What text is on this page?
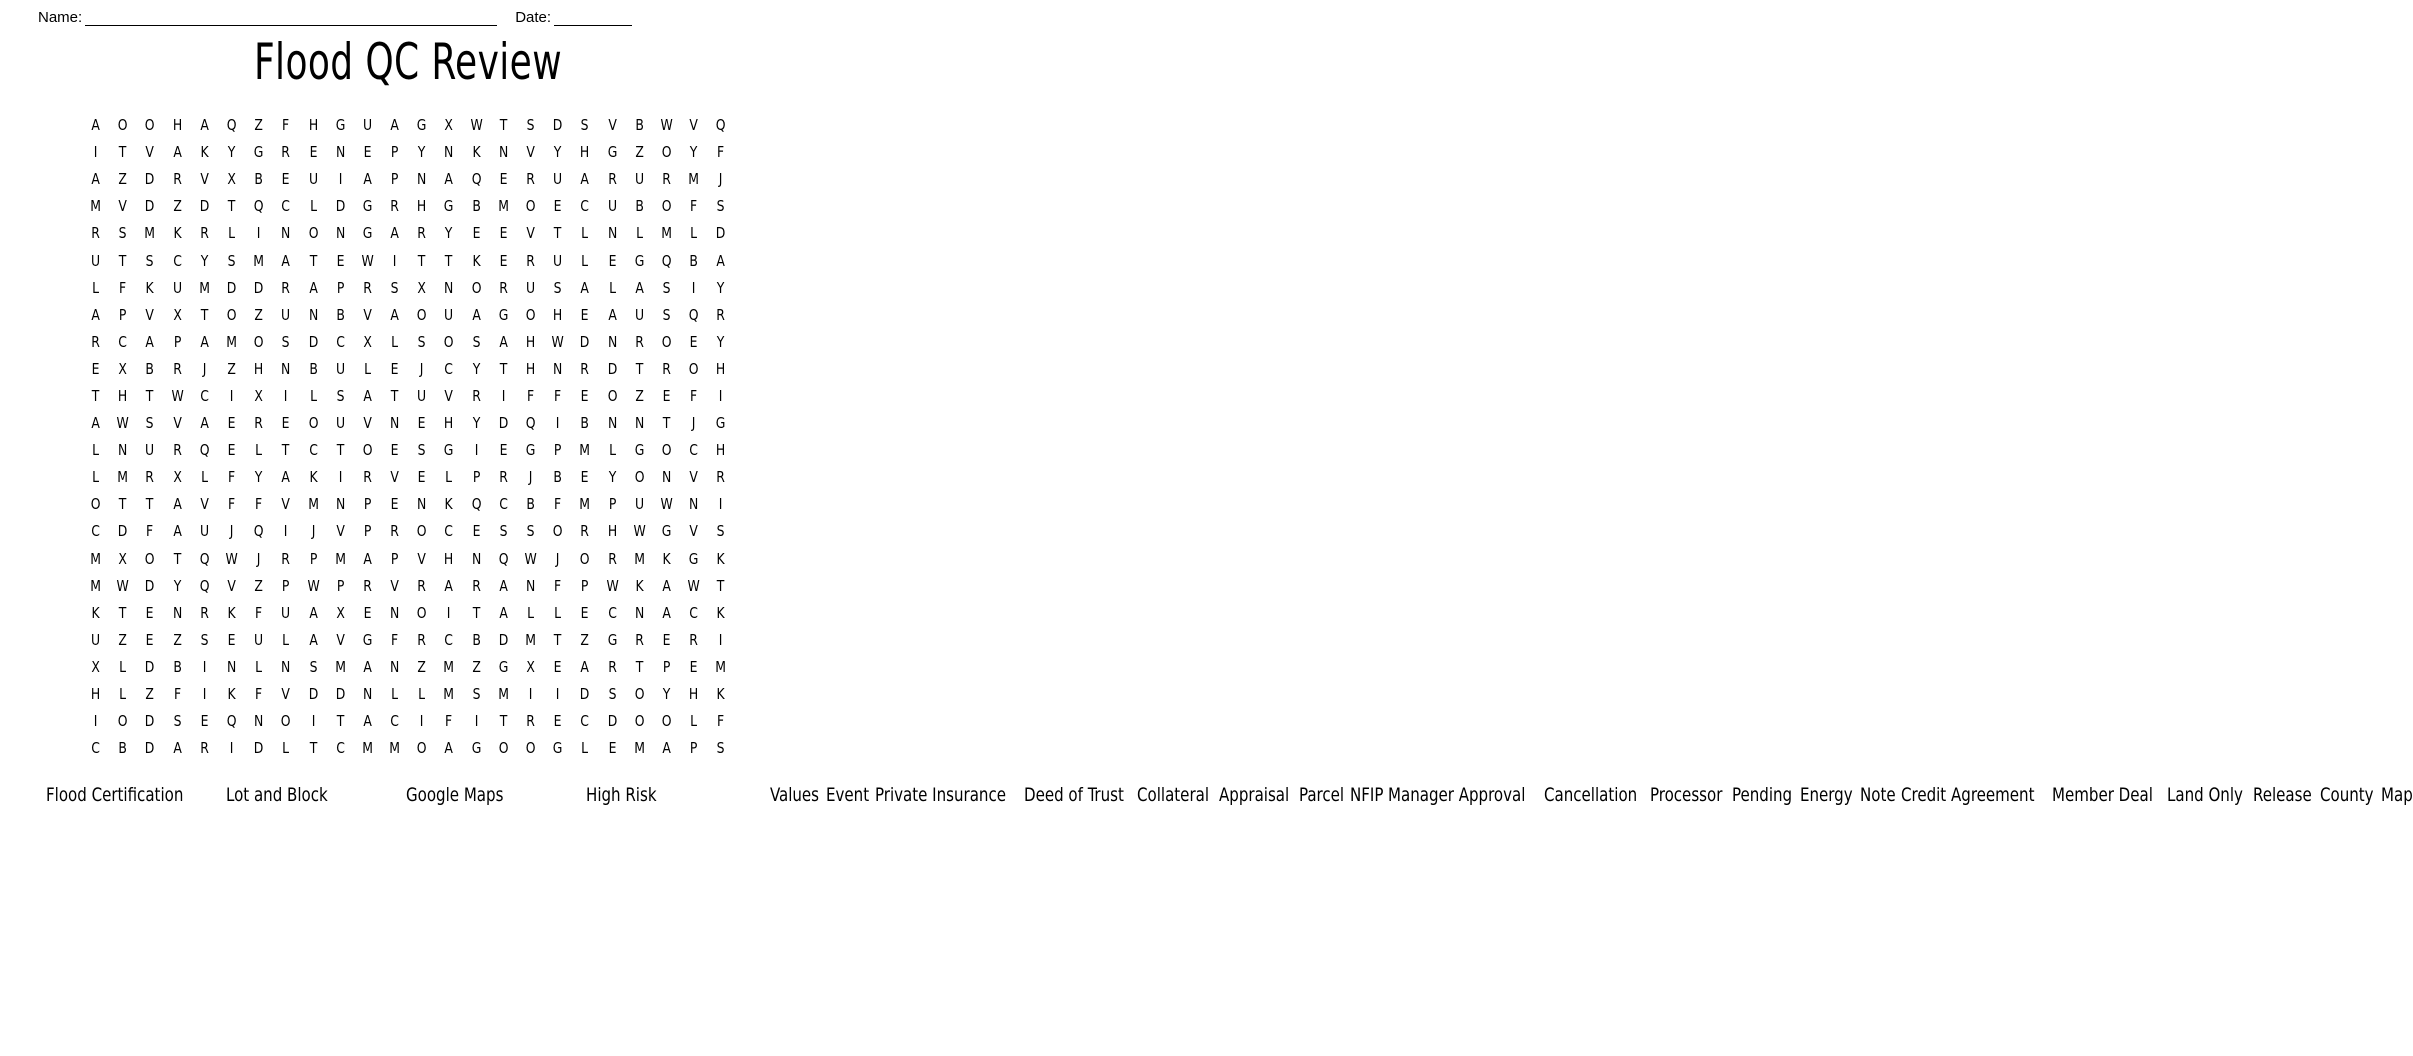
Name:	Date:
Flood QC Review
A	O	O	H	A	Q	Z	F	H	G	U	A	G	X	W	T	S	D	S	V	B	W	V	Q
I	T	V	A	K	Y	G	R	E	N	E	P	Y	N	K	N	V	Y	H	G	Z	O	Y	F
A	Z	D	R	V	X	B	E	U	I	A	P	N	A	Q	E	R	U	A	R	U	R	M	J
M	V	D	Z	D	T	Q	C	L	D	G	R	H	G	B	M	O	E	C	U	B	O	F	S
R	S	M	K	R	L	I	N	O	N	G	A	R	Y	E	E	V	T	L	N	L	M	L	D
U	T	S	C	Y	S	M	A	T	E	W	I	T	T	K	E	R	U	L	E	G	Q	B	A
L	F	K	U	M	D	D	R	A	P	R	S	X	N	O	R	U	S	A	L	A	S	I	Y
A	P	V	X	T	O	Z	U	N	B	V	A	O	U	A	G	O	H	E	A	U	S	Q	R
R	C	A	P	A	M	O	S	D	C	X	L	S	O	S	A	H	W	D	N	R	O	E	Y
E	X	B	R	J	Z	H	N	B	U	L	E	J	C	Y	T	H	N	R	D	T	R	O	H
T	H	T	W	C	I	X	I	L	S	A	T	U	V	R	I	F	F	E	O	Z	E	F	I
A	W	S	V	A	E	R	E	O	U	V	N	E	H	Y	D	Q	I	B	N	N	T	J	G
L	N	U	R	Q	E	L	T	C	T	O	E	S	G	I	E	G	P	M	L	G	O	C	H
L	M	R	X	L	F	Y	A	K	I	R	V	E	L	P	R	J	B	E	Y	O	N	V	R
O	T	T	A	V	F	F	V	M	N	P	E	N	K	Q	C	B	F	M	P	U	W	N	I
C	D	F	A	U	J	Q	I	J	V	P	R	O	C	E	S	S	O	R	H	W	G	V	S
M	X	O	T	Q	W	J	R	P	M	A	P	V	H	N	Q	W	J	O	R	M	K	G	K
M	W	D	Y	Q	V	Z	P	W	P	R	V	R	A	R	A	N	F	P	W	K	A	W	T
K	T	E	N	R	K	F	U	A	X	E	N	O	I	T	A	L	L	E	C	N	A	C	K
U	Z	E	Z	S	E	U	L	A	V	G	F	R	C	B	D	M	T	Z	G	R	E	R	I
X	L	D	B	I	N	L	N	S	M	A	N	Z	M	Z	G	X	E	A	R	T	P	E	M
H	L	Z	F	I	K	F	V	D	D	N	L	L	M	S	M	I	I	D	S	O	Y	H	K
I	O	D	S	E	Q	N	O	I	T	A	C	I	F	I	T	R	E	C	D	O	O	L	F
C	B	D	A	R	I	D	L	T	C	M	M	O	A	G	O	O	G	L	E	M	A	P	S
Flood Certification	Lot and Block	Google Maps	High Risk	Values Event Private Insurance Deed of Trust Collateral Appraisal Parcel NFIP Manager Approval Cancellation Processor Pending Energy Note Credit Agreement Member Deal Land Only Release County Map
